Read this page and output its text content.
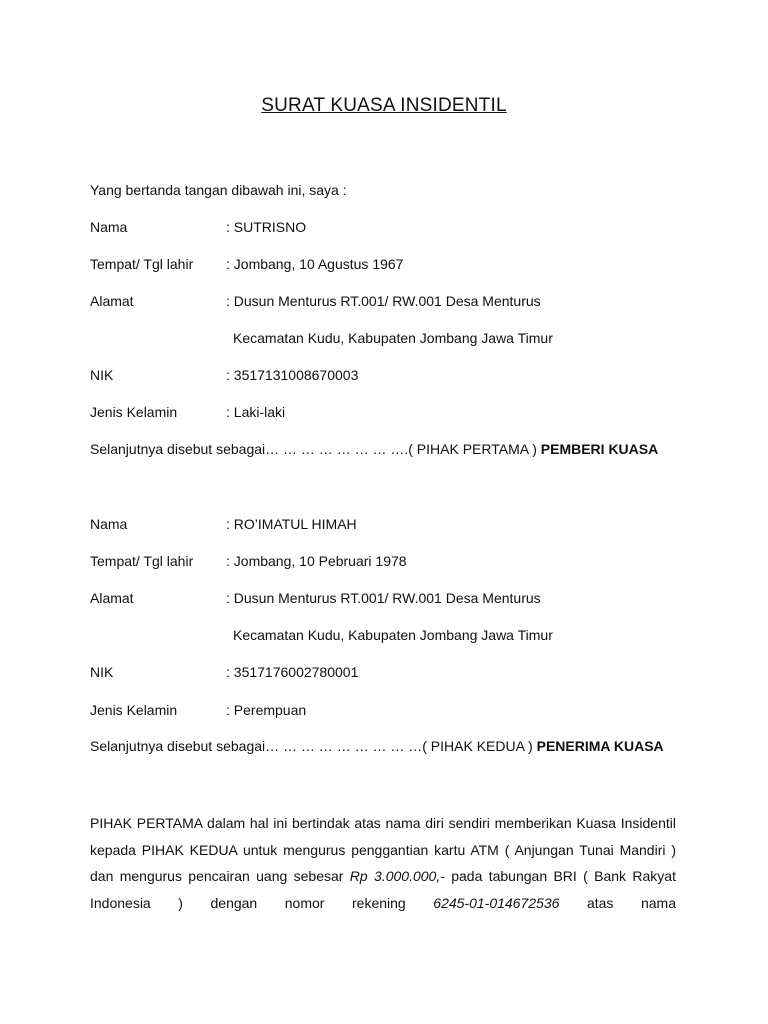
SURAT KUASA INSIDENTIL
Yang bertanda tangan dibawah ini, saya :
Nama	: SUTRISNO
Tempat/ Tgl lahir : Jombang, 10 Agustus 1967
Alamat	: Dusun Menturus RT.001/ RW.001 Desa Menturus
Kecamatan Kudu, Kabupaten Jombang Jawa Timur
NIK	: 3517131008670003
Jenis Kelamin	: Laki-laki
Selanjutnya disebut sebagai… … … … … … … ….( PIHAK PERTAMA ) PEMBERI KUASA
Nama	: RO’IMATUL HIMAH
Tempat/ Tgl lahir : Jombang, 10 Pebruari 1978
Alamat	: Dusun Menturus RT.001/ RW.001 Desa Menturus
Kecamatan Kudu, Kabupaten Jombang Jawa Timur
NIK	: 3517176002780001
Jenis Kelamin	: Perempuan
Selanjutnya disebut sebagai… … … … … … … … …( PIHAK KEDUA ) PENERIMA KUASA
PIHAK PERTAMA dalam hal ini bertindak atas nama diri sendiri memberikan Kuasa Insidentil kepada PIHAK KEDUA untuk mengurus penggantian kartu ATM ( Anjungan Tunai Mandiri ) dan mengurus pencairan uang sebesar Rp 3.000.000,- pada tabungan BRI ( Bank Rakyat Indonesia ) dengan nomor rekening 6245-01-014672536 atas nama
